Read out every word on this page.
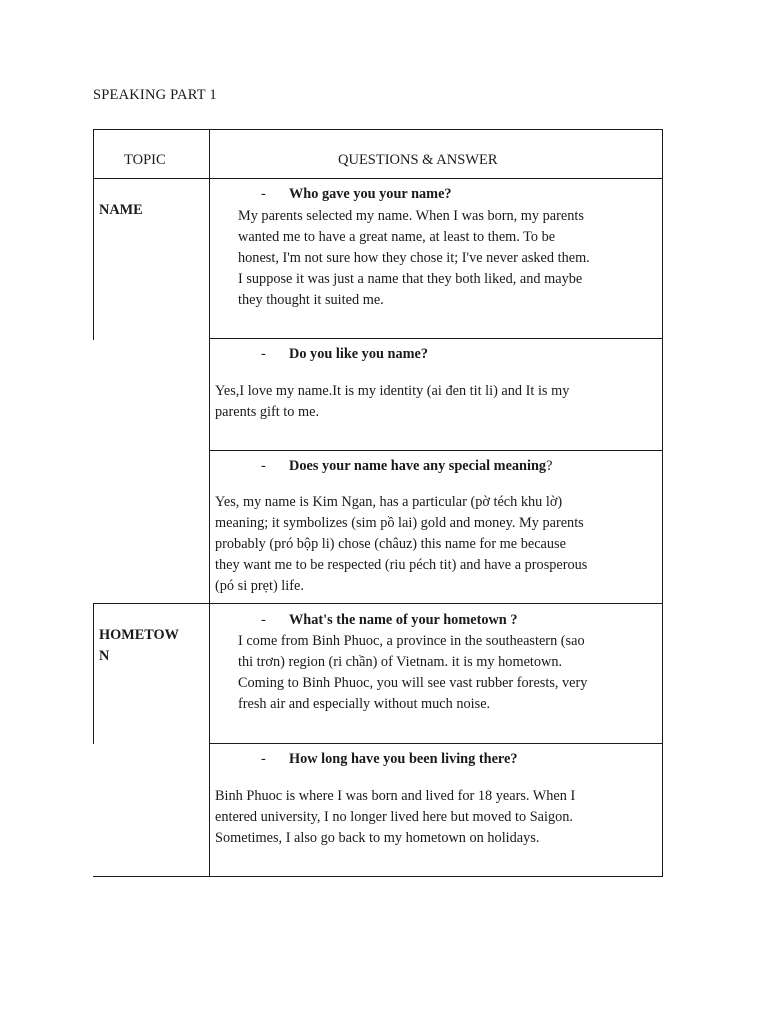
SPEAKING PART 1
TOPIC	QUESTIONS & ANSWER
NAME
- Who gave you your name?
My parents selected my name. When I was born, my parents
wanted me to have a great name, at least to them. To be
honest, I'm not sure how they chose it; I've never asked them.
I suppose it was just a name that they both liked, and maybe
they thought it suited me.
- Do you like you name?
Yes,I love my name.It is my identity (ai đen tit li) and It is my
parents gift to me.
- Does your name have any special meaning?
Yes, my name is Kim Ngan, has a particular (pờ téch khu lờ)
meaning; it symbolizes (sim pồ lai) gold and money. My parents
probably (pró bộp li) chose (châuz) this name for me because
they want me to be respected (riu péch tit) and have a prosperous
(pó si prẹt) life.
HOMETOW
N
- What's the name of your hometown ?
I come from Binh Phuoc, a province in the southeastern (sao
thi trơn) region (ri chần) of Vietnam. it is my hometown.
Coming to Binh Phuoc, you will see vast rubber forests, very
fresh air and especially without much noise.
- How long have you been living there?
Binh Phuoc is where I was born and lived for 18 years. When I
entered university, I no longer lived here but moved to Saigon.
Sometimes, I also go back to my hometown on holidays.
